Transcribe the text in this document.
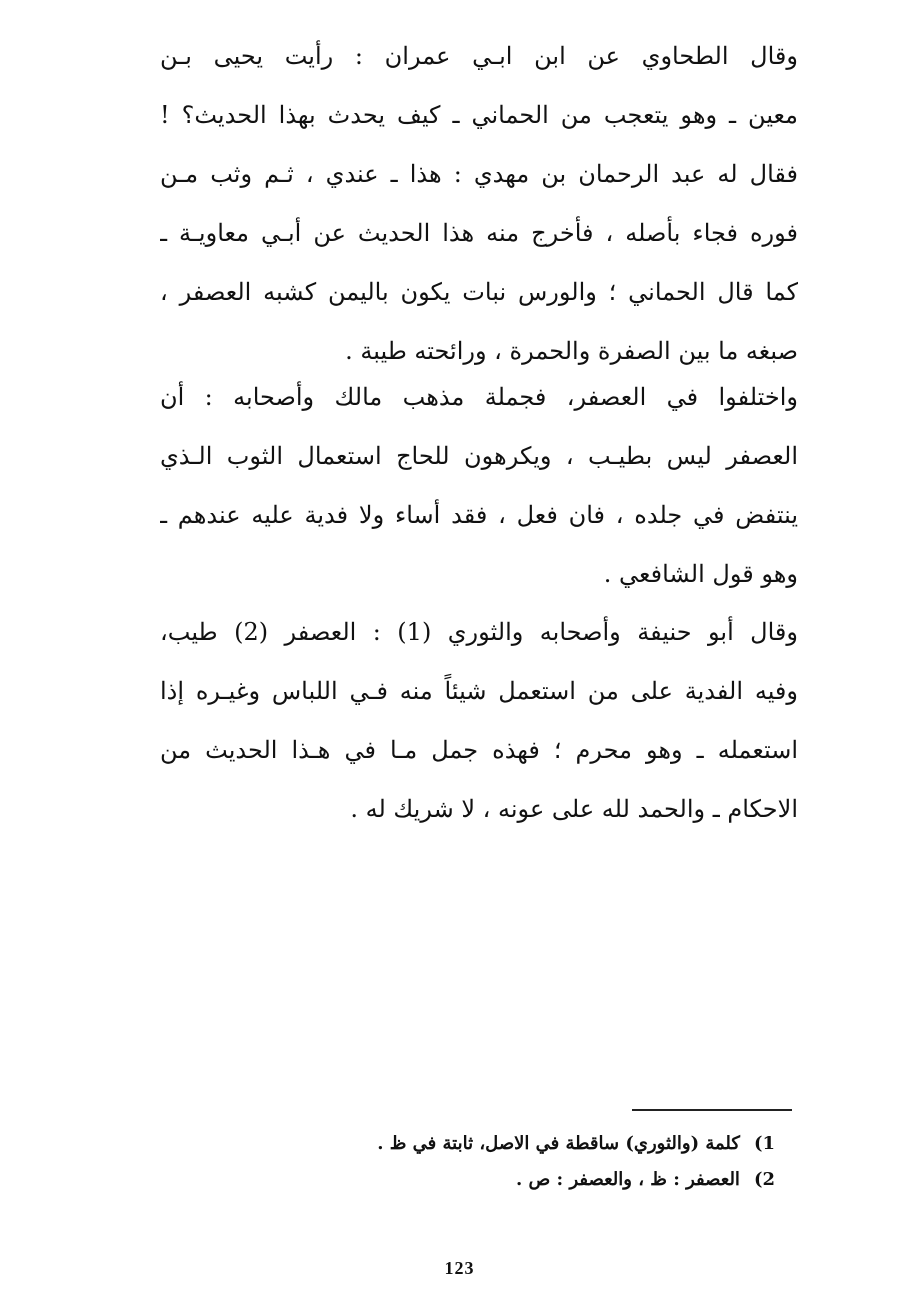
وقال الطحاوي عن ابن ابـي عمران : رأيت يحيى بـن
معين ـ وهو يتعجب من الحماني ـ كيف يحدث بهذا الحديث؟ !
فقال له عبد الرحمان بن مهدي : هذا ـ عندي ، ثـم وثب مـن
فوره فجاء بأصله ، فأخرج منه هذا الحديث عن أبـي معاويـة ـ
كما قال الحماني ؛ والورس نبات يكون باليمن كشبه العصفر ،
صبغه ما بين الصفرة والحمرة ، ورائحته طيبة .
واختلفوا في العصفر، فجملة مذهب مالك وأصحابه : أن
العصفر ليس بطيـب ، ويكرهون للحاج استعمال الثوب الـذي
ينتفض في جلده ، فان فعل ، فقد أساء ولا فدية عليه عندهم ـ
وهو قول الشافعي .
وقال أبو حنيفة وأصحابه والثوري (1) : العصفر (2) طيب،
وفيه الفدية على من استعمل شيئاً منه فـي اللباس وغيـره إذا
استعمله ـ وهو محرم ؛ فهذه جمل مـا في هـذا الحديث من
الاحكام ـ والحمد لله على عونه ، لا شريك له .
1)كلمة (والثوري) ساقطة في الاصل، ثابتة في ظ .
2)العصفر : ظ ، والعصفر : ص .
123
